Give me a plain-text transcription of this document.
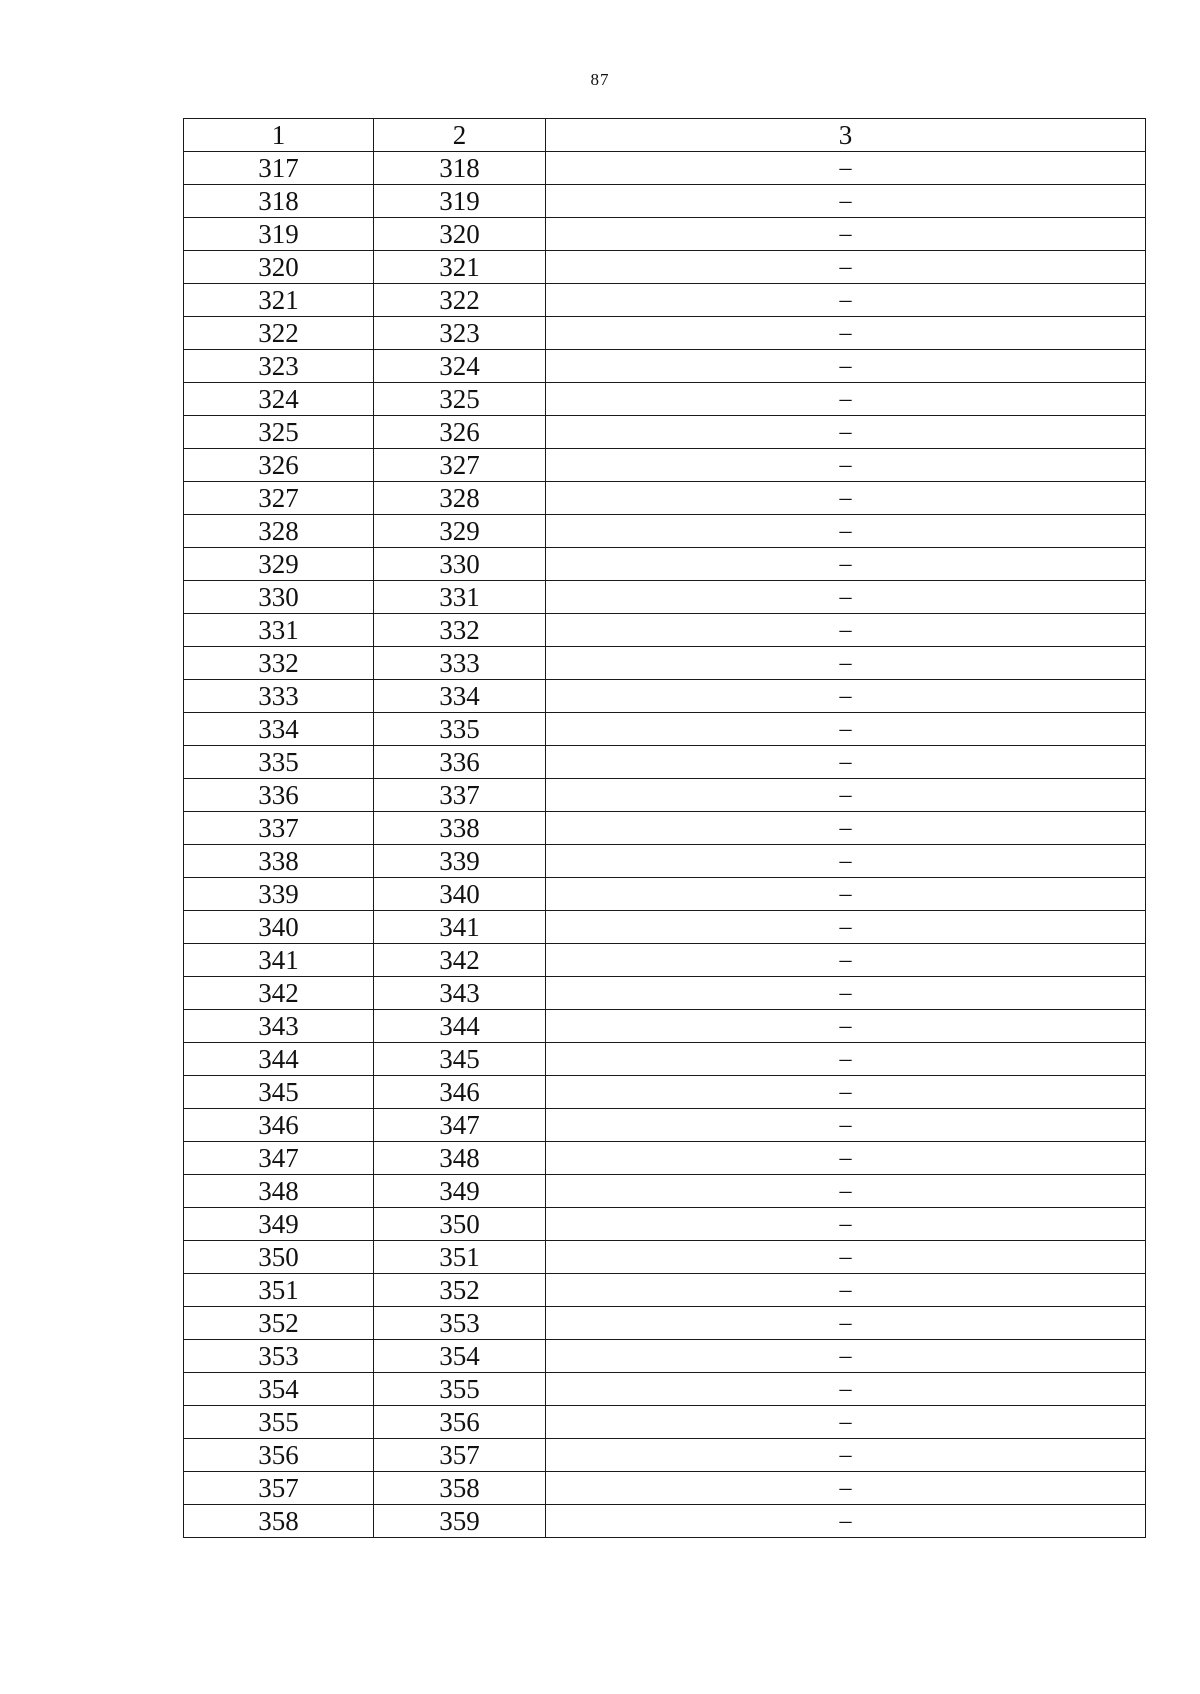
87
1	2	3
317	318	–
318	319	–
319	320	–
320	321	–
321	322	–
322	323	–
323	324	–
324	325	–
325	326	–
326	327	–
327	328	–
328	329	–
329	330	–
330	331	–
331	332	–
332	333	–
333	334	–
334	335	–
335	336	–
336	337	–
337	338	–
338	339	–
339	340	–
340	341	–
341	342	–
342	343	–
343	344	–
344	345	–
345	346	–
346	347	–
347	348	–
348	349	–
349	350	–
350	351	–
351	352	–
352	353	–
353	354	–
354	355	–
355	356	–
356	357	–
357	358	–
358	359	–
